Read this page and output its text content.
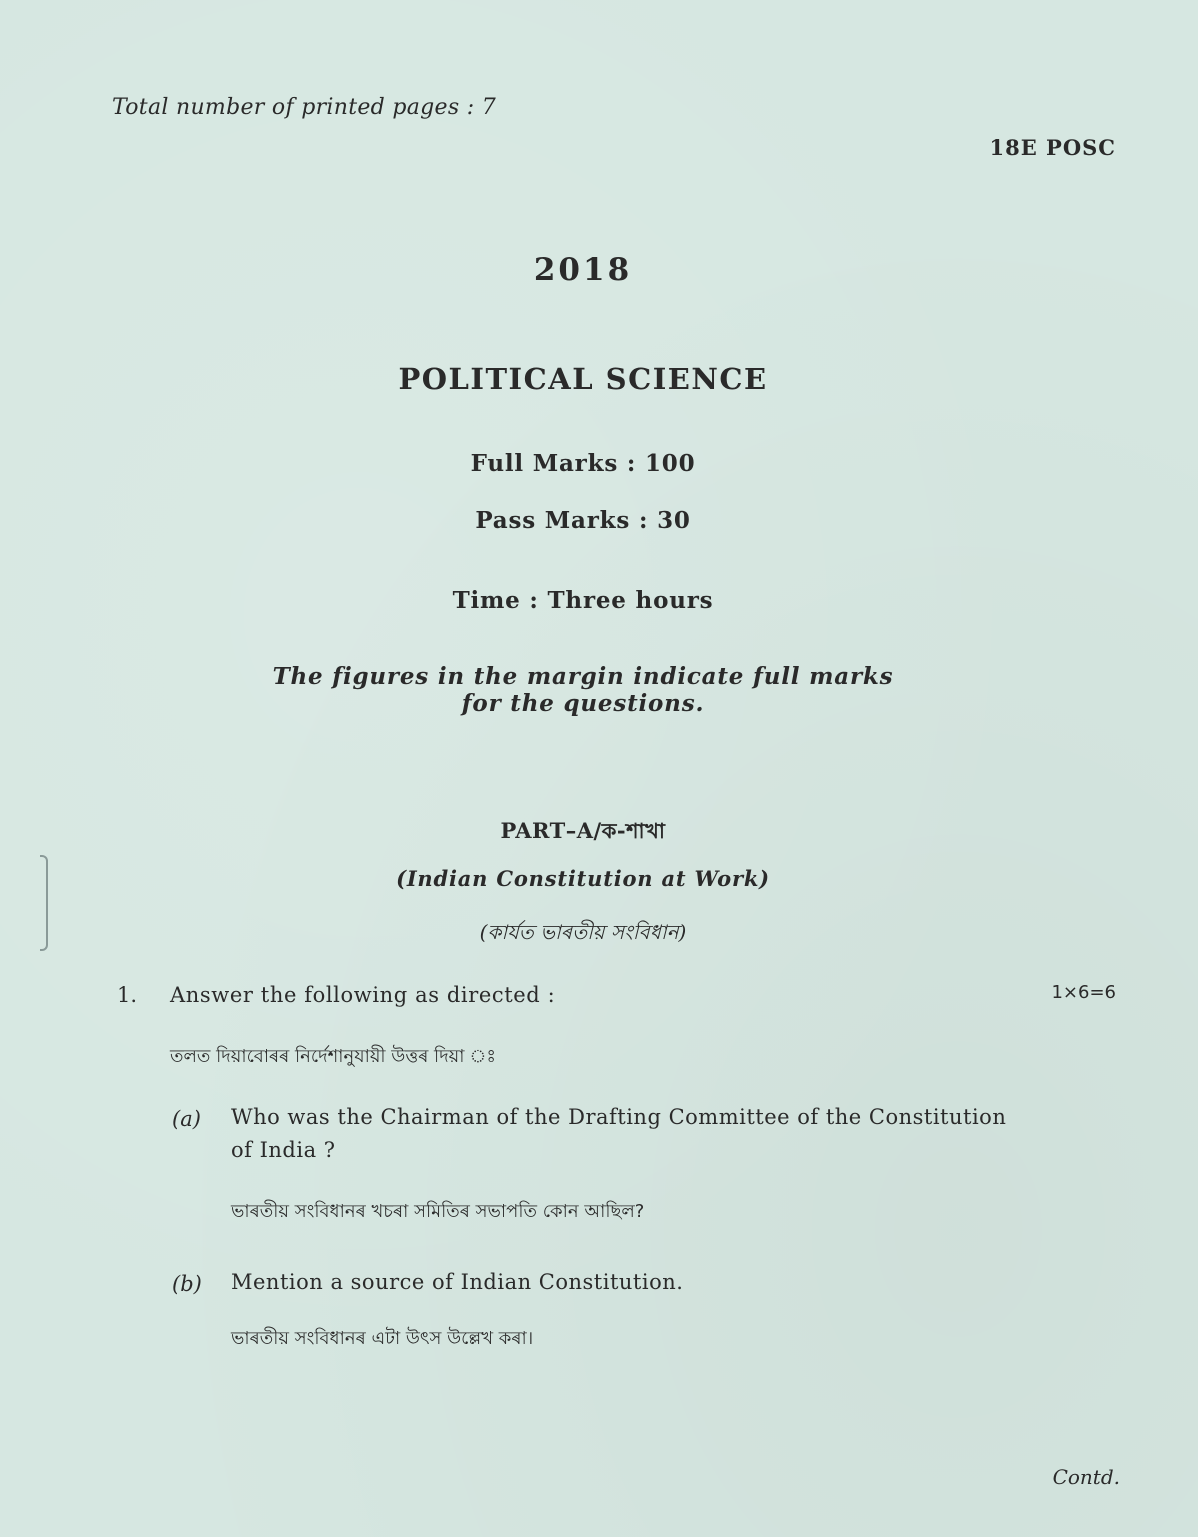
Total number of printed pages : 7
18E POSC
2018
POLITICAL SCIENCE
Full Marks : 100
Pass Marks : 30
Time : Three hours
The figures in the margin indicate full marks
for the questions.
PART–A/ক-শাখা
(Indian Constitution at Work)
(কাৰ্যত ভাৰতীয় সংবিধান)
1. Answer the following as directed :	1×6=6
তলত দিয়াবোৰৰ নিৰ্দেশানুযায়ী উত্তৰ দিয়া ঃ
(a) Who was the Chairman of the Drafting Committee of the Constitution
of India ?
ভাৰতীয় সংবিধানৰ খচৰা সমিতিৰ সভাপতি কোন আছিল?
(b) Mention a source of Indian Constitution.
ভাৰতীয় সংবিধানৰ এটা উৎস উল্লেখ কৰা।
Contd.
